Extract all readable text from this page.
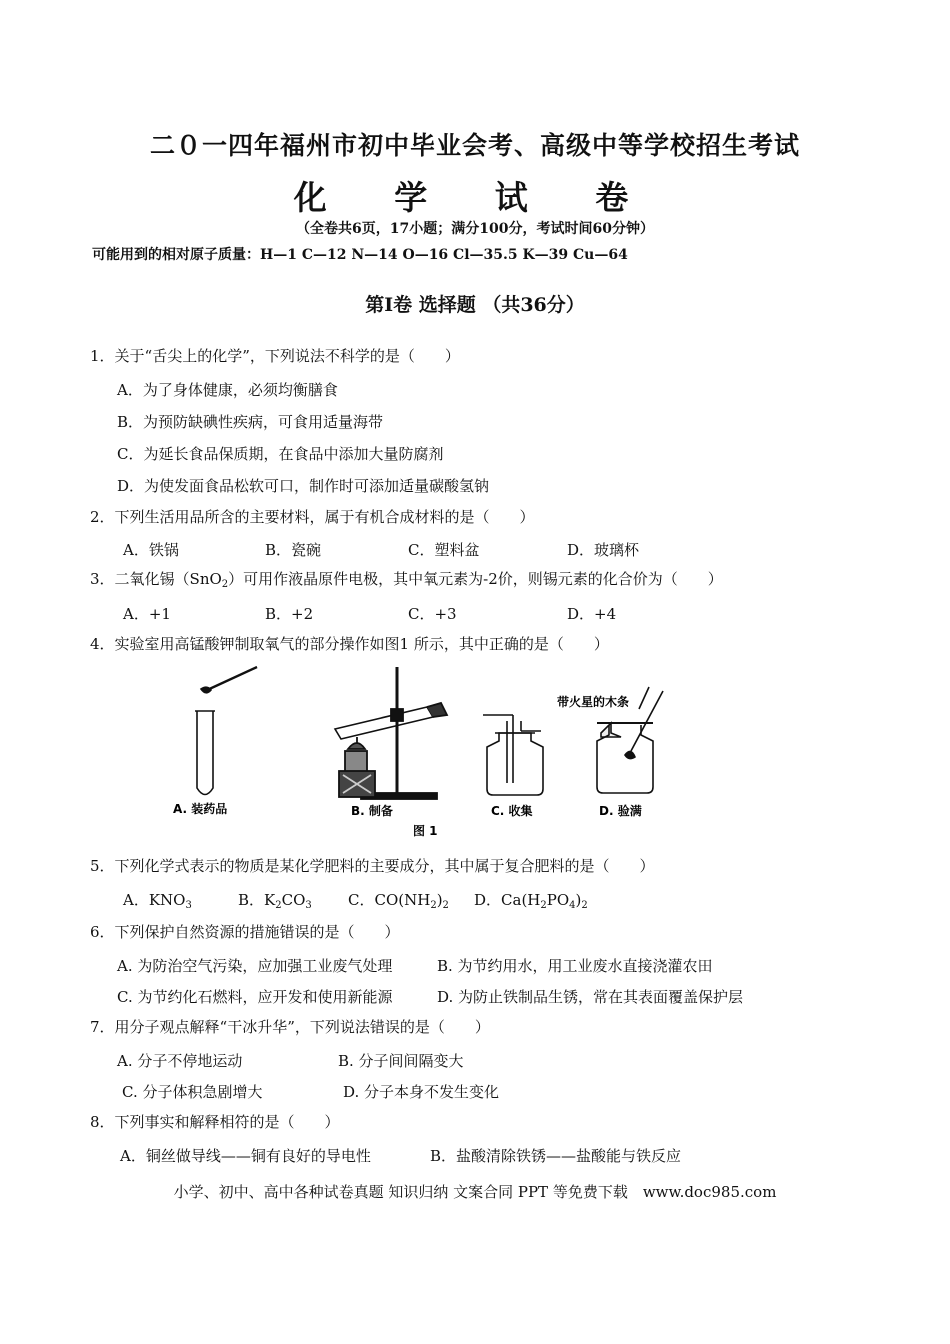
二０一四年福州市初中毕业会考、高级中等学校招生考试
化 学 试 卷
（全卷共6页，17小题；满分100分，考试时间60分钟）
可能用到的相对原子质量：H—1 C—12 N—14 O—16 Cl—35.5 K—39 Cu—64
第Ⅰ卷 选择题 （共36分）
1．关于“舌尖上的化学”，下列说法不科学的是（　　）
A．为了身体健康，必须均衡膳食
B．为预防缺碘性疾病，可食用适量海带
C．为延长食品保质期，在食品中添加大量防腐剂
D．为使发面食品松软可口，制作时可添加适量碳酸氢钠
2．下列生活用品所含的主要材料，属于有机合成材料的是（　　）
A．铁锅	B．瓷碗	C．塑料盆	D．玻璃杯
3．二氧化锡（SnO$_2$）可用作液晶原件电极，其中氧元素为-2价，则锡元素的化合价为（　　）
A．+1	B．+2	C．+3	D．+4
4．实验室用高锰酸钾制取氧气的部分操作如图1 所示，其中正确的是（　　）
A. 装药品	B. 制备	C. 收集
带火星的木条
D. 验满
图 1
5．下列化学式表示的物质是某化学肥料的主要成分，其中属于复合肥料的是（　　）
A．$KNO_3$	B．$K_2CO_3$ C．$CO(NH_2)_2$ D．$Ca(H_2PO_4)_2$
6．下列保护自然资源的措施错误的是（　　）
A. 为防治空气污染，应加强工业废气处理	B. 为节约用水，用工业废水直接浇灌农田
C. 为节约化石燃料，应开发和使用新能源	D. 为防止铁制品生锈，常在其表面覆盖保护层
7．用分子观点解释“干冰升华”，下列说法错误的是（　　）
A. 分子不停地运动	B. 分子间间隔变大
C. 分子体积急剧增大	D. 分子本身不发生变化
8．下列事实和解释相符的是（　　）
A．铜丝做导线——铜有良好的导电性	B．盐酸清除铁锈——盐酸能与铁反应
小学、初中、高中各种试卷真题 知识归纳 文案合同 PPT 等免费下载　www.doc985.com
